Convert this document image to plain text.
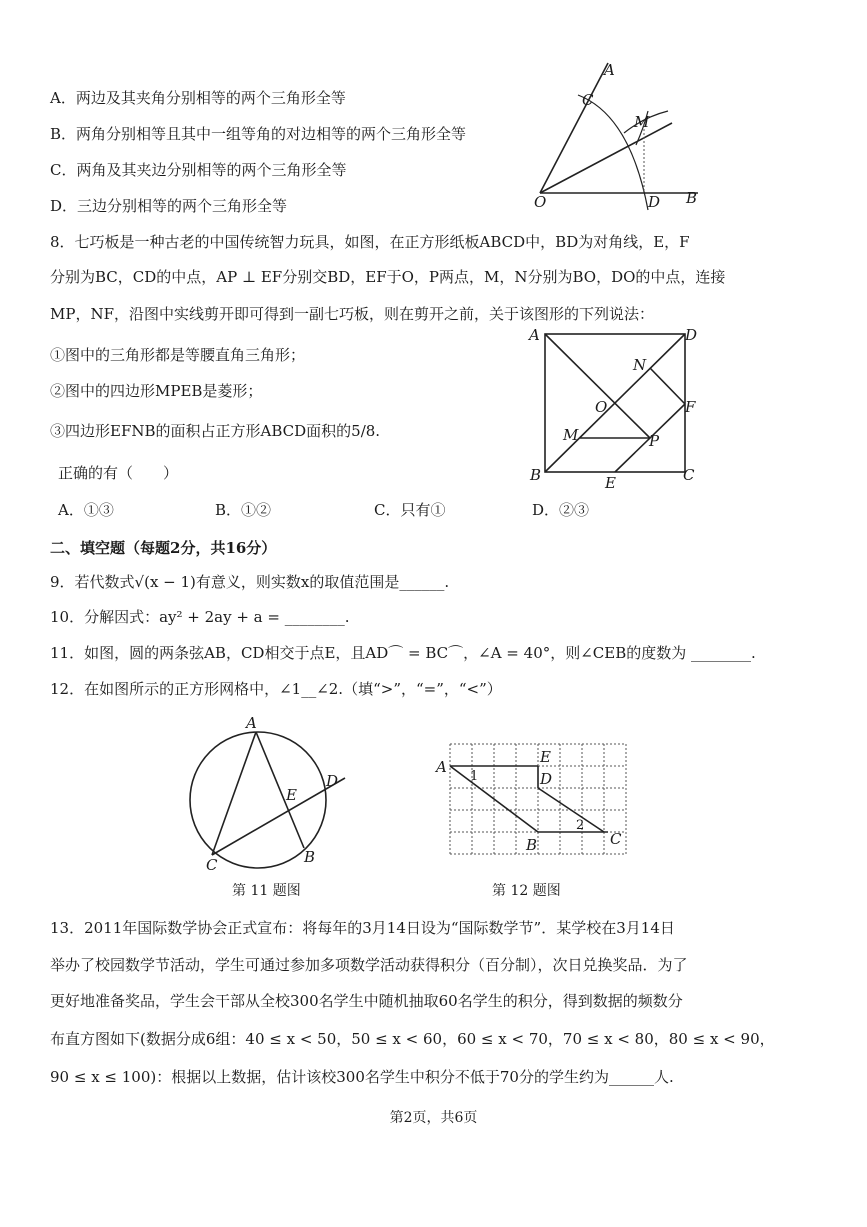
A．两边及其夹角分别相等的两个三角形全等
B．两角分别相等且其中一组等角的对边相等的两个三角形全等
C．两角及其夹边分别相等的两个三角形全等
D．三边分别相等的两个三角形全等
A
C
M
O	D B
8．七巧板是一种古老的中国传统智力玩具，如图，在正方形纸板ABCD中，BD为对角线，E，F
分别为BC，CD的中点，AP ⊥ EF分别交BD，EF于O，P两点，M，N分别为BO，DO的中点，连接
MP，NF，沿图中实线剪开即可得到一副七巧板，则在剪开之前，关于该图形的下列说法：
①图中的三角形都是等腰直角三角形；
②图中的四边形MPEB是菱形；
③四边形EFNB的面积占正方形ABCD面积的5/8.
正确的有（　　）
A．①③	B．①②	C．只有①	D．②③
A	D
N
O	F
M	P
B	E	C
二、填空题（每题2分，共16分）
9．若代数式√(x − 1)有意义，则实数x的取值范围是______.
10．分解因式：ay² + 2ay + a = ________.
11．如图，圆的两条弦AB，CD相交于点E，且AD⌒ = BC⌒，∠A = 40°，则∠CEB的度数为 ________.
12．在如图所示的正方形网格中，∠1__∠2.（填“>”，“=”，“<”）
A
E
D
C	B
A
E
D
B	C
1
2
第 11 题图	第 12 题图
13．2011年国际数学协会正式宣布：将每年的3月14日设为“国际数学节”．某学校在3月14日
举办了校园数学节活动，学生可通过参加多项数学活动获得积分（百分制），次日兑换奖品．为了
更好地准备奖品，学生会干部从全校300名学生中随机抽取60名学生的积分，得到数据的频数分
布直方图如下(数据分成6组：40 ≤ x < 50，50 ≤ x < 60，60 ≤ x < 70，70 ≤ x < 80，80 ≤ x < 90，
90 ≤ x ≤ 100)：根据以上数据，估计该校300名学生中积分不低于70分的学生约为______人.
第2页，共6页
